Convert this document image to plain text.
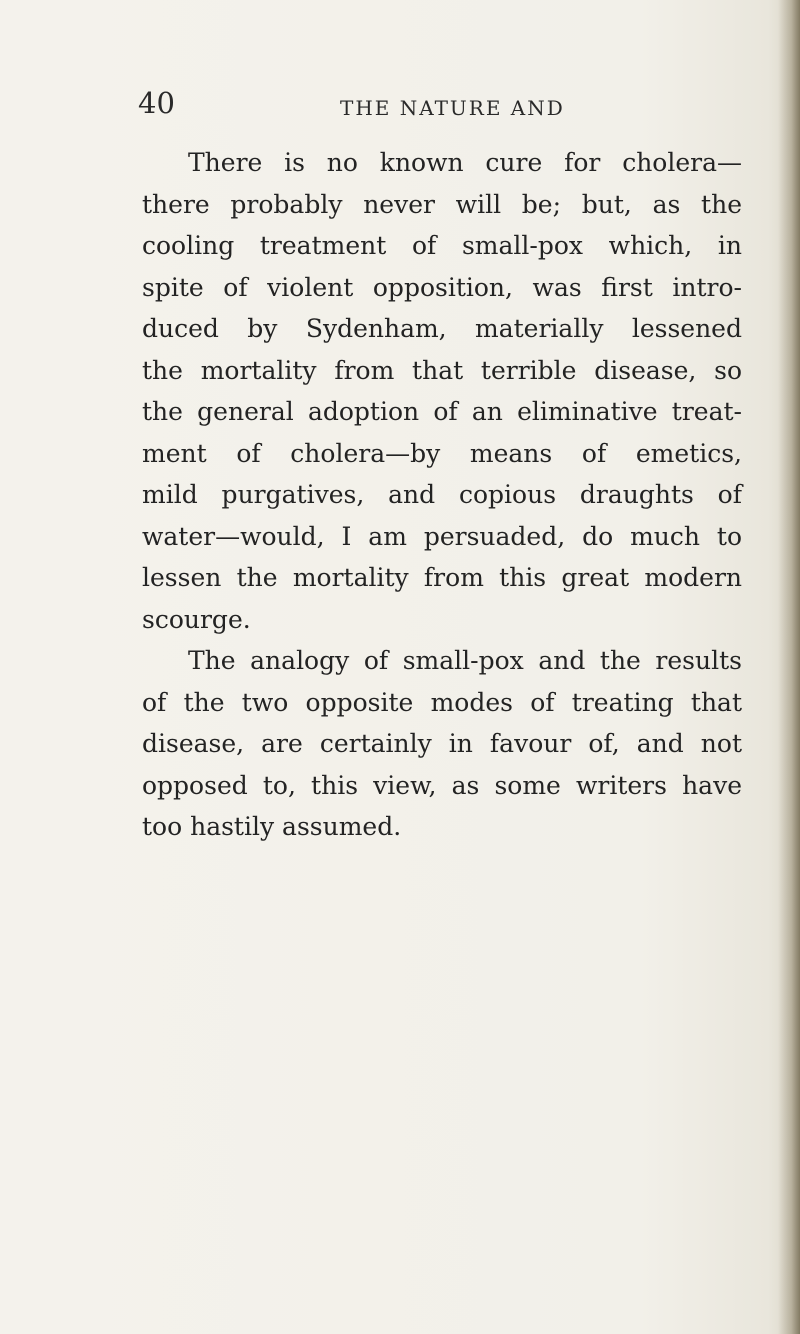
40	THE NATURE AND
There is no known cure for cholera—
there probably never will be; but, as the
cooling treatment of small-pox which, in
spite of violent opposition, was first intro-
duced by Sydenham, materially lessened
the mortality from that terrible disease, so
the general adoption of an eliminative treat-
ment of cholera—by means of emetics,
mild purgatives, and copious draughts of
water—would, I am persuaded, do much to
lessen the mortality from this great modern
scourge.
The analogy of small-pox and the results
of the two opposite modes of treating that
disease, are certainly in favour of, and not
opposed to, this view, as some writers have
too hastily assumed.
